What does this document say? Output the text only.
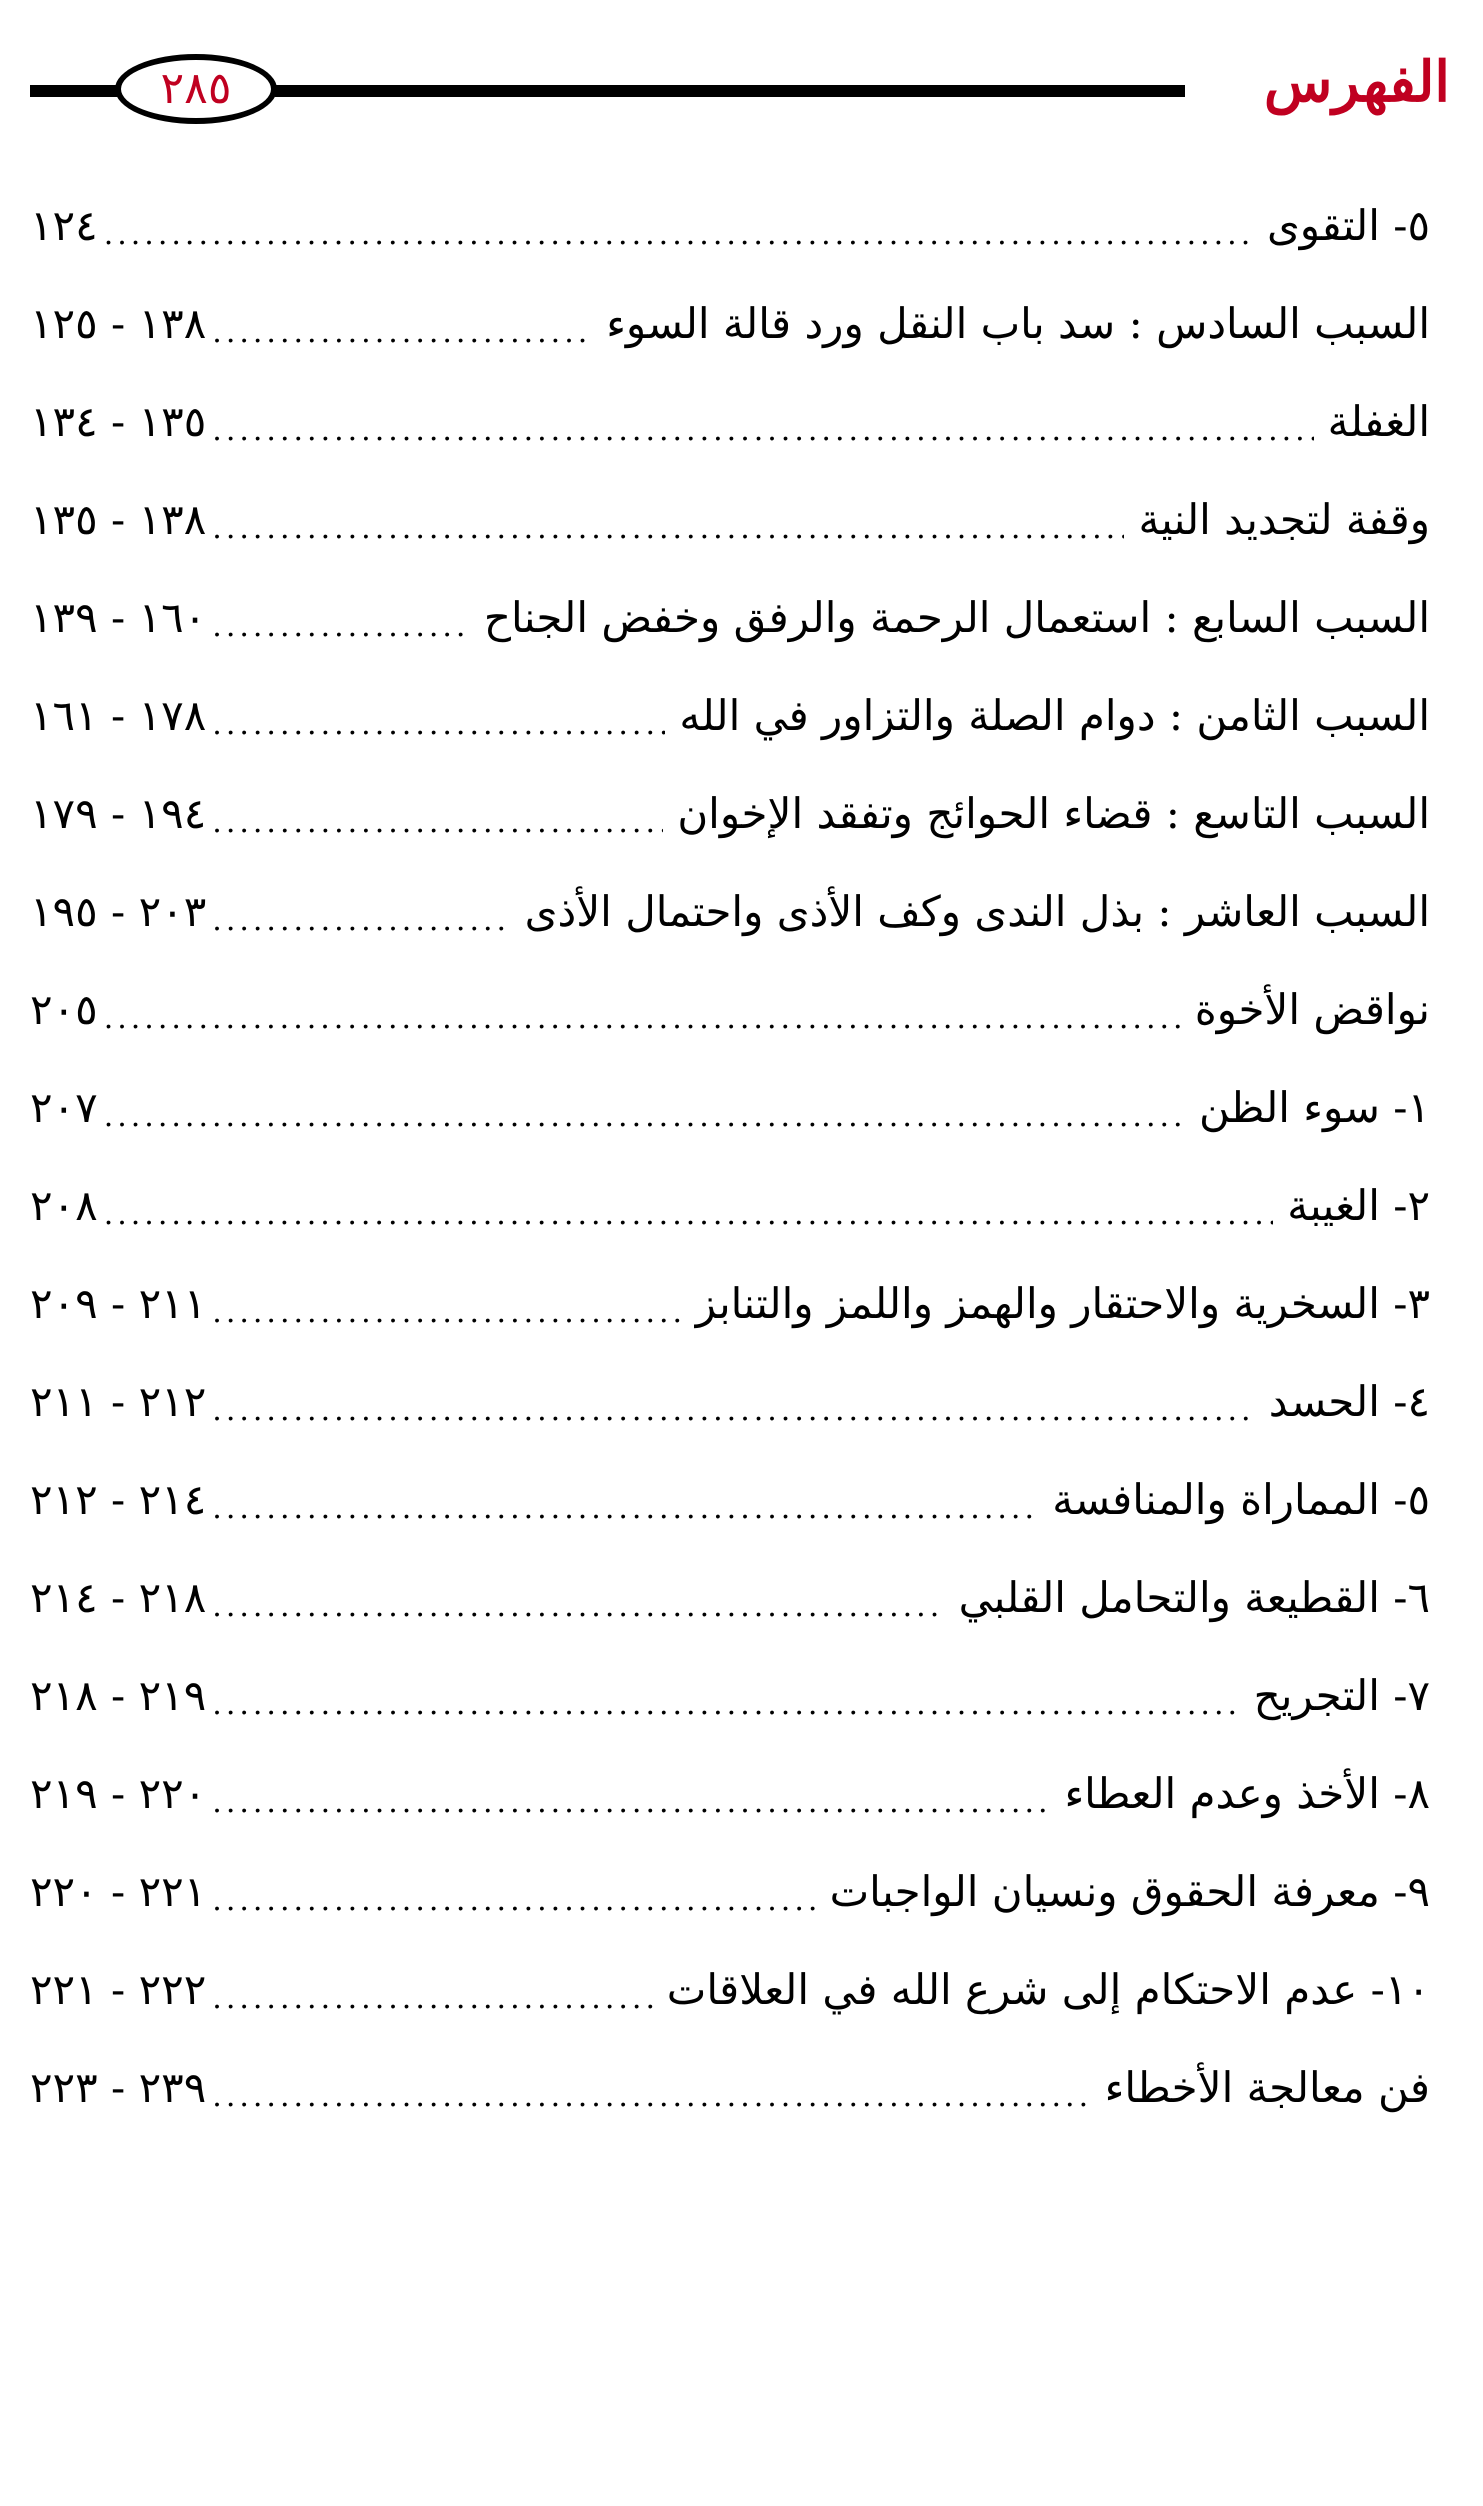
٢٨٥	الفهرس
٥- التقوى
.....
١٢٤
السبب السادس : سد باب النقل ورد قالة السوء
.....
١٣٨ - ١٢٥
الغفلة
.....
١٣٥ - ١٣٤
وقفة لتجديد النية
.....
١٣٨ - ١٣٥
السبب السابع : استعمال الرحمة والرفق وخفض الجناح
.....
١٦٠ - ١٣٩
السبب الثامن : دوام الصلة والتزاور في الله
.....
١٧٨ - ١٦١
السبب التاسع : قضاء الحوائج وتفقد الإخوان
.....
١٩٤ - ١٧٩
السبب العاشر : بذل الندى وكف الأذى واحتمال الأذى
.....
٢٠٣ - ١٩٥
نواقض الأخوة
.....
٢٠٥
١- سوء الظن
.....
٢٠٧
٢- الغيبة
.....
٢٠٨
٣- السخرية والاحتقار والهمز واللمز والتنابز
.....
٢١١ - ٢٠٩
٤- الحسد
.....
٢١٢ - ٢١١
٥- المماراة والمنافسة
.....
٢١٤ - ٢١٢
٦- القطيعة والتحامل القلبي
.....
٢١٨ - ٢١٤
٧- التجريح
.....
٢١٩ - ٢١٨
٨- الأخذ وعدم العطاء
.....
٢٢٠ - ٢١٩
٩- معرفة الحقوق ونسيان الواجبات
.....
٢٢١ - ٢٢٠
١٠- عدم الاحتكام إلى شرع الله في العلاقات
.....
٢٢٢ - ٢٢١
فن معالجة الأخطاء
.....
٢٣٩ - ٢٢٣
